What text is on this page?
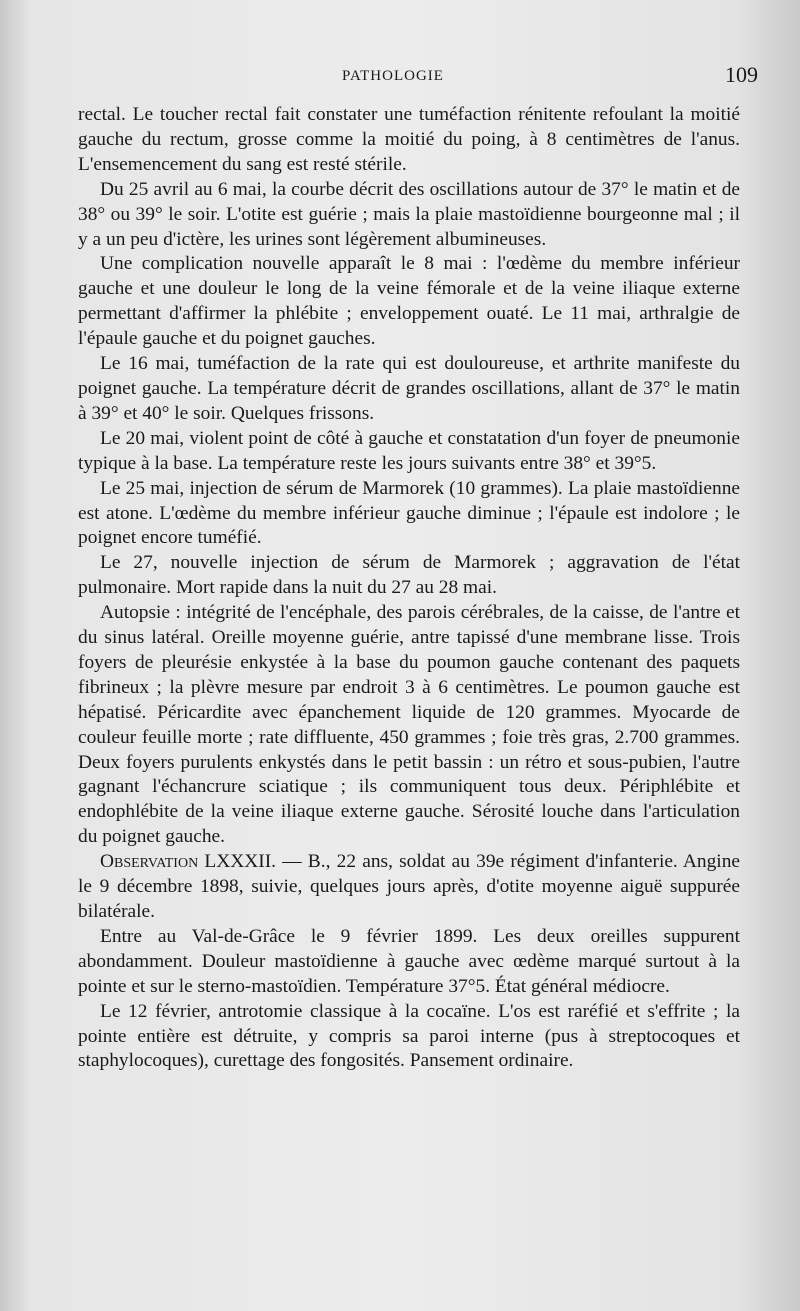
PATHOLOGIE	109

rectal. Le toucher rectal fait constater une tuméfaction rénitente refoulant la moitié gauche du rectum, grosse comme la moitié du poing, à 8 centimètres de l'anus. L'ensemencement du sang est resté stérile.

Du 25 avril au 6 mai, la courbe décrit des oscillations autour de 37° le matin et de 38° ou 39° le soir. L'otite est guérie ; mais la plaie mastoïdienne bourgeonne mal ; il y a un peu d'ictère, les urines sont légèrement albumineuses.

Une complication nouvelle apparaît le 8 mai : l'œdème du membre inférieur gauche et une douleur le long de la veine fémorale et de la veine iliaque externe permettant d'affirmer la phlébite ; enveloppement ouaté. Le 11 mai, arthralgie de l'épaule gauche et du poignet gauches.

Le 16 mai, tuméfaction de la rate qui est douloureuse, et arthrite manifeste du poignet gauche. La température décrit de grandes oscillations, allant de 37° le matin à 39° et 40° le soir. Quelques frissons.

Le 20 mai, violent point de côté à gauche et constatation d'un foyer de pneumonie typique à la base. La température reste les jours suivants entre 38° et 39°5.

Le 25 mai, injection de sérum de Marmorek (10 grammes). La plaie mastoïdienne est atone. L'œdème du membre inférieur gauche diminue ; l'épaule est indolore ; le poignet encore tuméfié.

Le 27, nouvelle injection de sérum de Marmorek ; aggravation de l'état pulmonaire. Mort rapide dans la nuit du 27 au 28 mai.

Autopsie : intégrité de l'encéphale, des parois cérébrales, de la caisse, de l'antre et du sinus latéral. Oreille moyenne guérie, antre tapissé d'une membrane lisse. Trois foyers de pleurésie enkystée à la base du poumon gauche contenant des paquets fibrineux ; la plèvre mesure par endroit 3 à 6 centimètres. Le poumon gauche est hépatisé. Péricardite avec épanchement liquide de 120 grammes. Myocarde de couleur feuille morte ; rate diffluente, 450 grammes ; foie très gras, 2.700 grammes. Deux foyers purulents enkystés dans le petit bassin : un rétro et sous-pubien, l'autre gagnant l'échancrure sciatique ; ils communiquent tous deux. Périphlébite et endophlébite de la veine iliaque externe gauche. Sérosité louche dans l'articulation du poignet gauche.

Observation LXXXII. — B., 22 ans, soldat au 39e régiment d'infanterie. Angine le 9 décembre 1898, suivie, quelques jours après, d'otite moyenne aiguë suppurée bilatérale.

Entre au Val-de-Grâce le 9 février 1899. Les deux oreilles suppurent abondamment. Douleur mastoïdienne à gauche avec œdème marqué surtout à la pointe et sur le sterno-mastoïdien. Température 37°5. État général médiocre.

Le 12 février, antrotomie classique à la cocaïne. L'os est raréfié et s'effrite ; la pointe entière est détruite, y compris sa paroi interne (pus à streptocoques et staphylocoques), curettage des fongosités. Pansement ordinaire.
